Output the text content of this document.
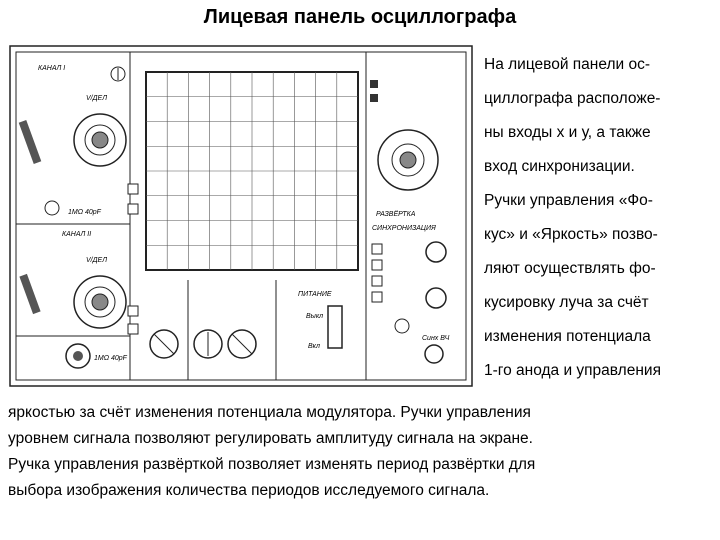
Лицевая панель осциллографа
КАНАЛ I
V/ДЕЛ
1МΩ 40pF
КАНАЛ II
V/ДЕЛ
1МΩ 40pF
ПИТАНИЕ
Выкл
Вкл
РАЗВЁРТКА
СИНХРОНИЗАЦИЯ
Синх ВЧ
На лицевой панели ос-
циллографа расположе-
ны входы х и у, а также
вход синхронизации.
Ручки управления «Фо-
кус» и «Яркость» позво-
ляют осуществлять фо-
кусировку луча за счёт
изменения потенциала
1-го анода и управления
яркостью за счёт изменения потенциала модулятора. Ручки управления
уровнем сигнала позволяют регулировать амплитуду сигнала на экране.
Ручка управления развёрткой позволяет изменять период развёртки для
выбора изображения количества периодов исследуемого сигнала.
